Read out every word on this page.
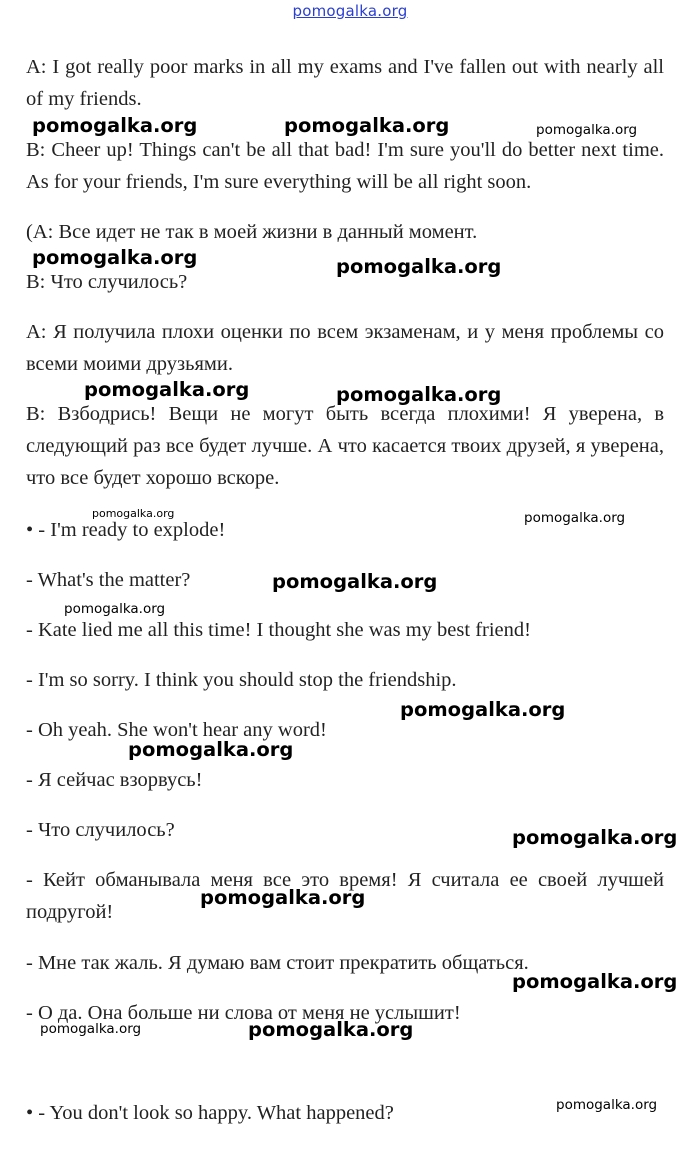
pomogalka.org

A: I got really poor marks in all my exams and I've fallen out with nearly all of my friends.

B: Cheer up! Things can't be all that bad! I'm sure you'll do better next time. As for your friends, I'm sure everything will be all right soon.

(A: Все идет не так в моей жизни в данный момент.

B: Что случилось?

A: Я получила плохи оценки по всем экзаменам, и у меня проблемы со всеми моими друзьями.

B: Взбодрись! Вещи не могут быть всегда плохими! Я уверена, в следующий раз все будет лучше. А что касается твоих друзей, я уверена, что все будет хорошо вскоре.

• - I'm ready to explode!

- What's the matter?

- Kate lied me all this time! I thought she was my best friend!

- I'm so sorry. I think you should stop the friendship.

- Oh yeah. She won't hear any word!

- Я сейчас взорвусь!

- Что случилось?

- Кейт обманывала меня все это время! Я считала ее своей лучшей подругой!

- Мне так жаль. Я думаю вам стоит прекратить общаться.

- О да. Она больше ни слова от меня не услышит!

• - You don't look so happy. What happened?

pomogalka.org	pomogalka.org	pomogalka.org
pomogalka.org	pomogalka.org
pomogalka.org	pomogalka.org
pomogalka.org	pomogalka.org
pomogalka.org
pomogalka.org
pomogalka.org
pomogalka.org
pomogalka.org
pomogalka.org
pomogalka.org
pomogalka.org	pomogalka.org
pomogalka.org
